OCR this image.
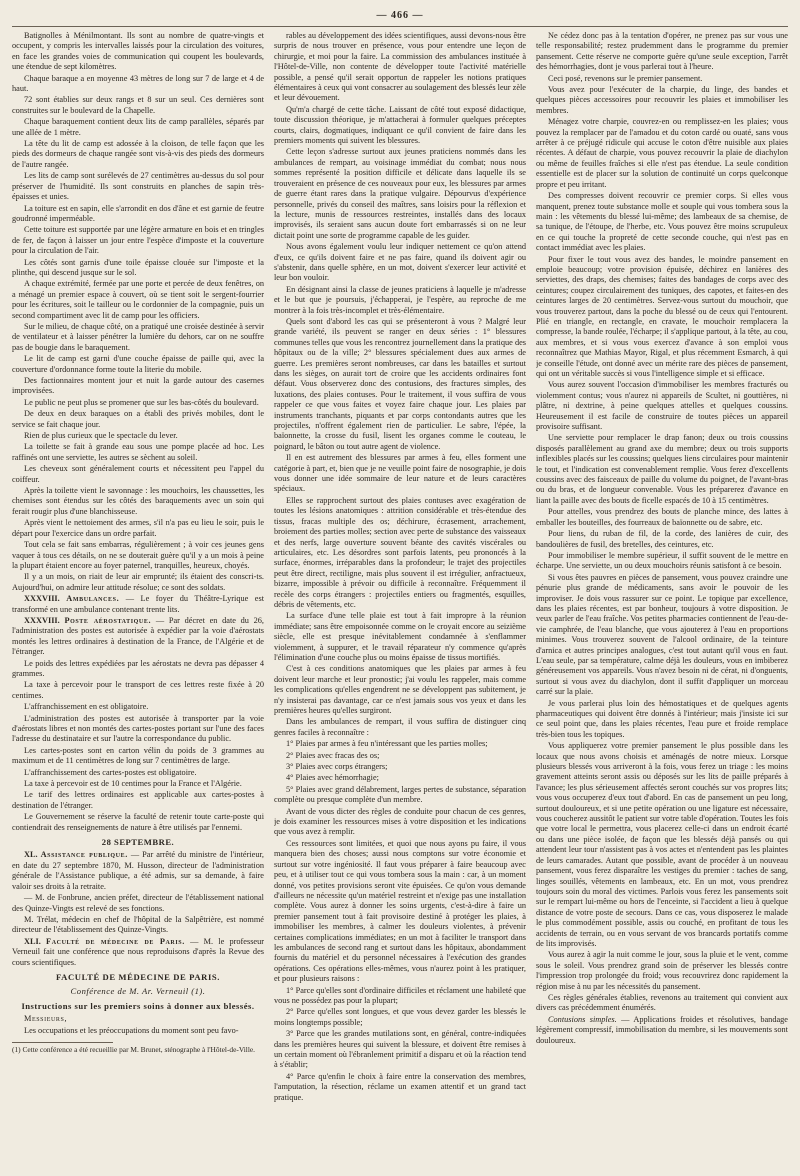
— 466 —

Batignolles à Ménilmontant. Ils sont au nombre de quatre-vingts et occupent, y compris les intervalles laissés pour la circulation des voitures, en face les grandes voies de communication qui coupent les boulevards, une étendue de sept kilomètres.

Chaque baraque a en moyenne 43 mètres de long sur 7 de large et 4 de haut.

72 sont établies sur deux rangs et 8 sur un seul. Ces dernières sont construites sur le boulevard de la Chapelle.

Chaque baraquement contient deux lits de camp parallèles, séparés par une allée de 1 mètre.

La tête du lit de camp est adossée à la cloison, de telle façon que les pieds des dormeurs de chaque rangée sont vis-à-vis des pieds des dormeurs de l'autre rangée.

Les lits de camp sont surélevés de 27 centimètres au-dessus du sol pour préserver de l'humidité. Ils sont construits en planches de sapin très-épaisses et unies.

La toiture est en sapin, elle s'arrondit en dos d'âne et est garnie de feutre goudronné imperméable.

Cette toiture est supportée par une légère armature en bois et en tringles de fer, de façon à laisser un jour entre l'espèce d'imposte et la couverture pour la circulation de l'air.

Les côtés sont garnis d'une toile épaisse clouée sur l'imposte et la plinthe, qui descend jusque sur le sol.

A chaque extrémité, fermée par une porte et percée de deux fenêtres, on a ménagé un premier espace à couvert, où se tient soit le sergent-fourrier pour les écritures, soit le tailleur ou le cordonnier de la compagnie, puis un second compartiment avec lit de camp pour les officiers.

Sur le milieu, de chaque côté, on a pratiqué une croisée destinée à servir de ventilateur et à laisser pénétrer la lumière du dehors, car on ne souffre pas de bougie dans le baraquement.

Le lit de camp est garni d'une couche épaisse de paille qui, avec la couverture d'ordonnance forme toute la literie du mobile.

Des factionnaires montent jour et nuit la garde autour des casernes improvisées.

Le public ne peut plus se promener que sur les bas-côtés du boulevard.

De deux en deux baraques on a établi des privés mobiles, dont le service se fait chaque jour.

Rien de plus curieux que le spectacle du lever.

La toilette se fait à grande eau sous une pompe placée ad hoc. Les raffinés ont une serviette, les autres se sèchent au soleil.

Les cheveux sont généralement courts et nécessitent peu l'appel du coiffeur.

Après la toilette vient le savonnage : les mouchoirs, les chaussettes, les chemises sont étendus sur les côtés des baraquements avec un soin qui ferait rougir plus d'une blanchisseuse.

Après vient le nettoiement des armes, s'il n'a pas eu lieu le soir, puis le départ pour l'exercice dans un ordre parfait.

Tout cela se fait sans embarras, régulièrement ; à voir ces jeunes gens vaquer à tous ces détails, on ne se douterait guère qu'il y a un mois à peine la plupart étaient encore au foyer paternel, tranquilles, heureux, choyés.

Il y a un mois, on riait de leur air emprunté; ils étaient des conscri-ts. Aujourd'hui, on admire leur attitude résolue; ce sont des soldats.

XXXVIII. Ambulances. — Le foyer du Théâtre-Lyrique est transformé en une ambulance contenant trente lits.

XXXVIII. Poste aérostatique. — Par décret en date du 26, l'administration des postes est autorisée à expédier par la voie d'aérostats montés les lettres ordinaires à destination de la France, de l'Algérie et de l'étranger.

Le poids des lettres expédiées par les aérostats ne devra pas dépasser 4 grammes.

La taxe à percevoir pour le transport de ces lettres reste fixée à 20 centimes.

L'affranchissement en est obligatoire.

L'administration des postes est autorisée à transporter par la voie d'aérostats libres et non montés des cartes-postes portant sur l'une des faces l'adresse du destinataire et sur l'autre la correspondance du public.

Les cartes-postes sont en carton vélin du poids de 3 grammes au maximum et de 11 centimètres de long sur 7 centimètres de large.

L'affranchissement des cartes-postes est obligatoire.

La taxe à percevoir est de 10 centimes pour la France et l'Algérie.

Le tarif des lettres ordinaires est applicable aux cartes-postes à destination de l'étranger.

Le Gouvernement se réserve la faculté de retenir toute carte-poste qui contiendrait des renseignements de nature à être utilisés par l'ennemi.

28 SEPTEMBRE.

XL. Assistance publique. — Par arrêté du ministre de l'intérieur, en date du 27 septembre 1870, M. Husson, directeur de l'administration générale de l'Assistance publique, a été admis, sur sa demande, à faire valoir ses droits à la retraite.

— M. de Fonbrune, ancien préfet, directeur de l'établissement national des Quinze-Vingts est relevé de ses fonctions.

M. Trélat, médecin en chef de l'hôpital de la Salpêtrière, est nommé directeur de l'établissement des Quinze-Vingts.

XLI. Faculté de médecine de Paris. — M. le professeur Verneuil fait une conférence que nous reproduisons d'après la Revue des cours scientifiques.

FACULTÉ DE MÉDECINE DE PARIS.

Conférence de M. Ar. Verneuil (1).

Instructions sur les premiers soins à donner aux blessés.

Messieurs,

Les occupations et les préoccupations du moment sont peu favo-

(1) Cette conférence a été recueillie par M. Brunet, sténographe à l'Hôtel-de-Ville.

rables au développement des idées scientifiques, aussi devons-nous être surpris de nous trouver en présence, vous pour entendre une leçon de chirurgie, et moi pour la faire. La commission des ambulances instituée à l'Hôtel-de-Ville, non contente de développer toute l'activité matérielle possible, a pensé qu'il serait opportun de rappeler les notions pratiques élémentaires à ceux qui vont consacrer au soulagement des blessés leur zèle et leur dévouement.

Qu'm'a chargé de cette tâche. Laissant de côté tout exposé didactique, toute discussion théorique, je m'attacherai à formuler quelques préceptes courts, clairs, dogmatiques, indiquant ce qu'il convient de faire dans les premiers moments qui suivent les blessures.

Cette leçon s'adresse surtout aux jeunes praticiens nommés dans les ambulances de rempart, au voisinage immédiat du combat; nous nous sommes représenté la position difficile et délicate dans laquelle ils se trouveraient en présence de ces nouveaux pour eux, les blessures par armes de guerre étant rares dans la pratique vulgaire. Dépourvus d'expérience personnelle, privés du conseil des maîtres, sans loisirs pour la réflexion et la lecture, munis de ressources restreintes, installés dans des locaux improvisés, ils seraient sans aucun doute fort embarrassés si on ne leur dictait point une sorte de programme capable de les guider.

Nous avons également voulu leur indiquer nettement ce qu'on attend d'eux, ce qu'ils doivent faire et ne pas faire, quand ils doivent agir ou s'abstenir, dans quelle sphère, en un mot, doivent s'exercer leur activité et leur bon vouloir.

En désignant ainsi la classe de jeunes praticiens à laquelle je m'adresse et le but que je poursuis, j'échapperai, je l'espère, au reproche de me montrer à la fois très-incomplet et très-élémentaire.

Quels sont d'abord les cas qui se présenteront à vous ? Malgré leur grande variété, ils peuvent se ranger en deux séries : 1° blessures communes telles que vous les rencontrez journellement dans la pratique des hôpitaux ou de la ville; 2° blessures spécialement dues aux armes de guerre. Les premières seront nombreuses, car dans les batailles et surtout dans les sièges, on aurait tort de croire que les accidents ordinaires font défaut. Vous observerez donc des contusions, des fractures simples, des luxations, des plaies contuses. Pour le traitement, il vous suffira de vous rappeler ce que vous faites et voyez faire chaque jour. Les plaies par instruments tranchants, piquants et par corps contondants autres que les projectiles, n'offrent également rien de particulier. Le sabre, l'épée, la baïonnette, la crosse du fusil, lisent les organes comme le couteau, le poignard, le bâton ou tout autre agent de violence.

Il en est autrement des blessures par armes à feu, elles forment une catégorie à part, et, bien que je ne veuille point faire de nosographie, je dois vous donner une idée sommaire de leur nature et de leurs caractères spéciaux.

Elles se rapprochent surtout des plaies contuses avec exagération de toutes les lésions anatomiques : attrition considérable et très-étendue des tissus, fracas multiple des os; déchirure, écrasement, arrachement, broiement des parties molles; section avec perte de substance des vaisseaux et des nerfs, large ouverture souvent béante des cavités viscérales ou articulaires, etc. Les désordres sont parfois latents, peu prononcés à la surface, énormes, irréparables dans la profondeur; le trajet des projectiles peut être direct, rectiligne, mais plus souvent il est irrégulier, anfractueux, bizarre, impossible à prévoir ou difficile à reconnaître. Fréquemment il recèle des corps étrangers : projectiles entiers ou fragmentés, esquilles, débris de vêtements, etc.

La surface d'une telle plaie est tout à fait impropre à la réunion immédiate; sans être empoisonnée comme on le croyait encore au seizième siècle, elle est presque inévitablement condamnée à s'enflammer violemment, à suppurer, et le travail réparateur n'y commence qu'après l'élimination d'une couche plus ou moins épaisse de tissus mortifiés.

C'est à ces conditions anatomiques que les plaies par armes à feu doivent leur marche et leur pronostic; j'ai voulu les rappeler, mais comme les complications qu'elles engendrent ne se développent pas subitement, je n'y insisterai pas davantage, car ce n'est jamais sous vos yeux et dans les premières heures qu'elles surgiront.

Dans les ambulances de rempart, il vous suffira de distinguer cinq genres faciles à reconnaître :

1° Plaies par armes à feu n'intéressant que les parties molles;

2° Plaies avec fracas des os;

3° Plaies avec corps étrangers;

4° Plaies avec hémorrhagie;

5° Plaies avec grand délabrement, larges pertes de substance, séparation complète ou presque complète d'un membre.

Avant de vous dicter des règles de conduite pour chacun de ces genres, je dois examiner les ressources mises à votre disposition et les indications que vous avez à remplir.

Ces ressources sont limitées, et quoi que nous ayons pu faire, il vous manquera bien des choses; aussi nous comptons sur votre économie et surtout sur votre ingéniosité. Il faut vous préparer à faire beaucoup avec peu, et à utiliser tout ce qui vous tombera sous la main : car, à un moment donné, vos petites provisions seront vite épuisées. Ce qu'on vous demande d'ailleurs ne nécessite qu'un matériel restreint et n'exige pas une installation complète. Vous aurez à donner les soins urgents, c'est-à-dire à faire un premier pansement tout à fait provisoire destiné à protéger les plaies, à immobiliser les membres, à calmer les douleurs violentes, à prévenir certaines complications immédiates; en un mot à faciliter le transport dans les ambulances de second rang et surtout dans les hôpitaux, abondamment fournis du matériel et du personnel nécessaires à l'exécution des grandes opérations. Ces opérations elles-mêmes, vous n'aurez point à les pratiquer, et pour plusieurs raisons :

1° Parce qu'elles sont d'ordinaire difficiles et réclament une habileté que vous ne possédez pas pour la plupart;

2° Parce qu'elles sont longues, et que vous devez garder les blessés le moins longtemps possible;

3° Parce que les grandes mutilations sont, en général, contre-indiquées dans les premières heures qui suivent la blessure, et doivent être remises à un certain moment où l'ébranlement primitif a disparu et où la réaction tend à s'établir;

4° Parce qu'enfin le choix à faire entre la conservation des membres, l'amputation, la résection, réclame un examen attentif et un grand tact pratique.

Ne cédez donc pas à la tentation d'opérer, ne prenez pas sur vous une telle responsabilité; restez prudemment dans le programme du premier pansement. Cette réserve ne comporte guère qu'une seule exception, l'arrêt des hémorrhagies, dont je vous parlerai tout à l'heure.

Ceci posé, revenons sur le premier pansement.

Vous avez pour l'exécuter de la charpie, du linge, des bandes et quelques pièces accessoires pour recouvrir les plaies et immobiliser les membres.

Ménagez votre charpie, couvrez-en ou remplissez-en les plaies; vous pouvez la remplacer par de l'amadou et du coton cardé ou ouaté, sans vous arrêter à ce préjugé ridicule qui accuse le coton d'être nuisible aux plaies récentes. A défaut de charpie, vous pouvez recouvrir la plaie de diachylon ou même de feuilles fraîches si elle n'est pas étendue. La seule condition essentielle est de placer sur la solution de continuité un corps quelconque propre et peu irritant.

Des compresses doivent recouvrir ce premier corps. Si elles vous manquent, prenez toute substance molle et souple qui vous tombera sous la main : les vêtements du blessé lui-même; des lambeaux de sa chemise, de sa tunique, de l'étoupe, de l'herbe, etc. Vous pouvez être moins scrupuleux en ce qui touche la propreté de cette seconde couche, qui n'est pas en contact immédiat avec les plaies.

Pour fixer le tout vous avez des bandes, le moindre pansement en emploie beaucoup; votre provision épuisée, déchirez en lanières des serviettes, des draps, des chemises; faites des bandages de corps avec des ceintures; coupez circulairement des tuniques, des capotes, et faites-en des ceintures larges de 20 centimètres. Servez-vous surtout du mouchoir, que vous trouverez partout, dans la poche du blessé ou de ceux qui l'entourent. Plié en triangle, en rectangle, en cravate, le mouchoir remplacera la compresse, la bande roulée, l'écharpe; il s'applique partout, à la tête, au cou, aux membres, et si vous vous exercez d'avance à son emploi vous reconnaîtrez que Mathias Mayor, Rigal, et plus récemment Esmarch, à qui je conseille l'étude, ont donné avec un mérite rare des pièces de pansement, qui ont un véritable succès si vous l'intelligence simple et si efficace.

Vous aurez souvent l'occasion d'immobiliser les membres fracturés ou violemment contus; vous n'aurez ni appareils de Scultet, ni gouttières, ni plâtre, ni dextrine, à peine quelques attelles et quelques coussins. Heureusement il est facile de construire de toutes pièces un appareil provisoire suffisant.

Une serviette pour remplacer le drap fanon; deux ou trois coussins disposés parallèlement au grand axe du membre; deux ou trois supports inflexibles placés sur les coussins; quelques liens circulaires pour maintenir le tout, et l'indication est convenablement remplie. Vous ferez d'excellents coussins avec des faisceaux de paille du volume du poignet, de l'avant-bras ou du bras, et de longueur convenable. Vous les préparerez d'avance en liant la paille avec des bouts de ficelle espacés de 10 à 15 centimètres.

Pour attelles, vous prendrez des bouts de planche mince, des lattes à emballer les bouteilles, des fourreaux de baïonnette ou de sabre, etc.

Pour liens, du ruban de fil, de la corde, des lanières de cuir, des bandoulières de fusil, des bretelles, des ceintures, etc.

Pour immobiliser le membre supérieur, il suffit souvent de le mettre en écharpe. Une serviette, un ou deux mouchoirs réunis satisfont à ce besoin.

Si vous êtes pauvres en pièces de pansement, vous pouvez craindre une pénurie plus grande de médicaments, sans avoir le pouvoir de les improviser. Je dois vous rassurer sur ce point. Le topique par excellence, dans les plaies récentes, est par bonheur, toujours à votre disposition. Je veux parler de l'eau fraîche. Vos petites pharmacies contiennent de l'eau-de-vie camphrée, de l'eau blanche, que vous ajouterez à l'eau en proportions minimes. Vous trouverez souvent de l'alcool ordinaire, de la teinture d'arnica et autres principes analogues, c'est tout autant qu'il vous en faut. L'eau seule, par sa température, calme déjà les douleurs, vous en imbiberez généreusement vos appareils. Vous n'avez besoin ni de cérat, ni d'onguents, surtout si vous avez du diachylon, dont il suffit d'appliquer un morceau carré sur la plaie.

Je vous parlerai plus loin des hémostatiques et de quelques agents pharmaceutiques qui doivent être donnés à l'intérieur; mais j'insiste ici sur ce seul point que, dans les plaies récentes, l'eau pure et froide remplace très-bien tous les topiques.

Vous appliquerez votre premier pansement le plus possible dans les locaux que nous avons choisis et aménagés de notre mieux. Lorsque plusieurs blessés vous arriveront à la fois, vous ferez un triage : les moins gravement atteints seront assis ou déposés sur les lits de paille préparés à l'avance; les plus sérieusement affectés seront couchés sur vos propres lits; vous vous occuperez d'eux tout d'abord. En cas de pansement un peu long, surtout douloureux, et si une petite opération ou une ligature est nécessaire, vous coucherez aussitôt le patient sur votre table d'opération. Toutes les fois que votre local le permettra, vous placerez celle-ci dans un endroit écarté ou dans une pièce isolée, de façon que les blessés déjà pansés ou qui attendent leur tour n'assistent pas à vos actes et n'entendent pas les plaintes de leurs camarades. Autant que possible, avant de procéder à un nouveau pansement, vous ferez disparaître les vestiges du premier : taches de sang, linges souillés, vêtements en lambeaux, etc. En un mot, vous prendrez toujours soin du moral des victimes. Parlois vous ferez les pansements soit sur le rempart lui-même ou hors de l'enceinte, si l'accident a lieu à quelque distance de votre poste de secours. Dans ce cas, vous disposerez le malade le plus commodément possible, assis ou couché, en profitant de tous les accidents de terrain, ou en vous servant de vos brancards portatifs comme de lits improvisés.

Vous aurez à agir la nuit comme le jour, sous la pluie et le vent, comme sous le soleil. Vous prendrez grand soin de préserver les blessés contre l'impression trop prolongée du froid; vous recouvrirez donc rapidement la région mise à nu par les nécessités du pansement.

Ces règles générales établies, revenons au traitement qui convient aux divers cas précédemment énumérés.

Contusions simples. — Applications froides et résolutives, bandage légèrement compressif, immobilisation du membre, si les mouvements sont douloureux.
